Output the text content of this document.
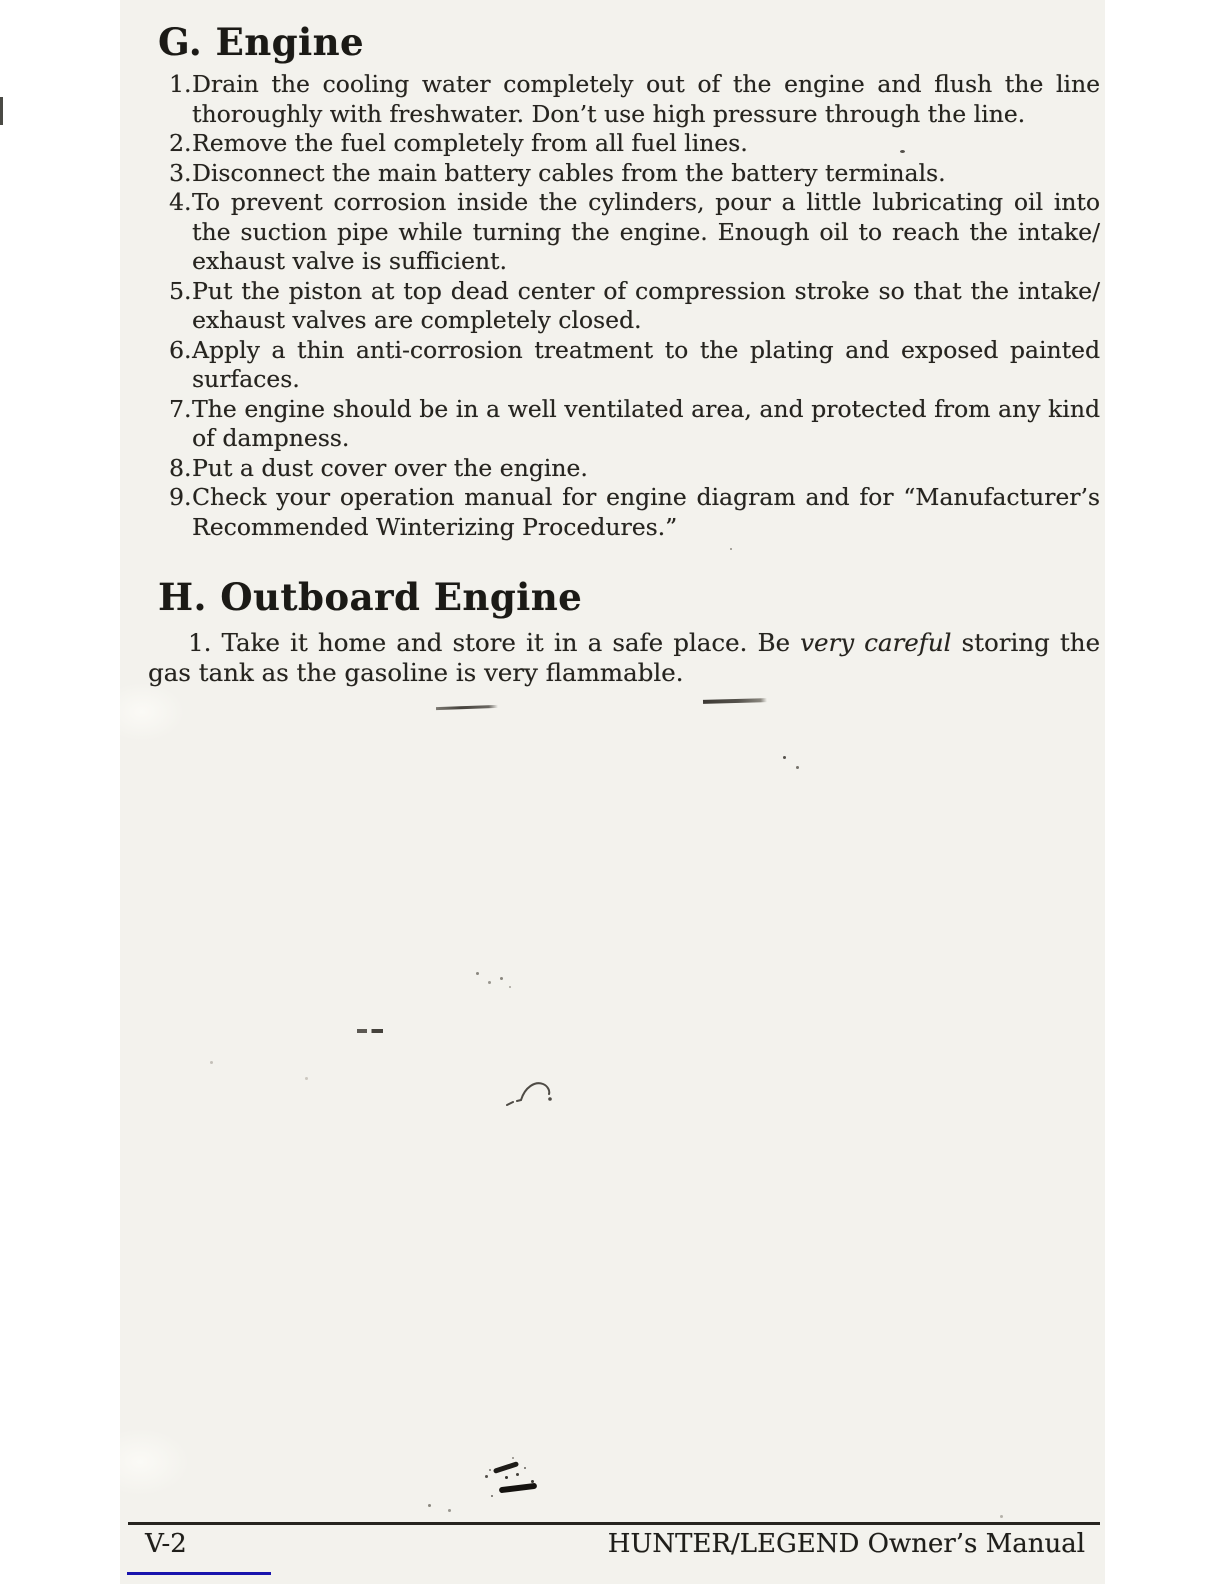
G. Engine
1. Drain the cooling water completely out of the engine and flush the line thoroughly with freshwater. Don’t use high pressure through the line.
2. Remove the fuel completely from all fuel lines.
3. Disconnect the main battery cables from the battery terminals.
4. To prevent corrosion inside the cylinders, pour a little lubricating oil into the suction pipe while turning the engine. Enough oil to reach the intake/ exhaust valve is sufficient.
5. Put the piston at top dead center of compression stroke so that the intake/ exhaust valves are completely closed.
6. Apply a thin anti-corrosion treatment to the plating and exposed painted surfaces.
7. The engine should be in a well ventilated area, and protected from any kind of dampness.
8. Put a dust cover over the engine.
9. Check your operation manual for engine diagram and for “Manufacturer’s Recommended Winterizing Procedures.”
H. Outboard Engine

1. Take it home and store it in a safe place. Be very careful storing the gas tank as the gasoline is very flammable.

V-2	HUNTER/LEGEND Owner’s Manual
